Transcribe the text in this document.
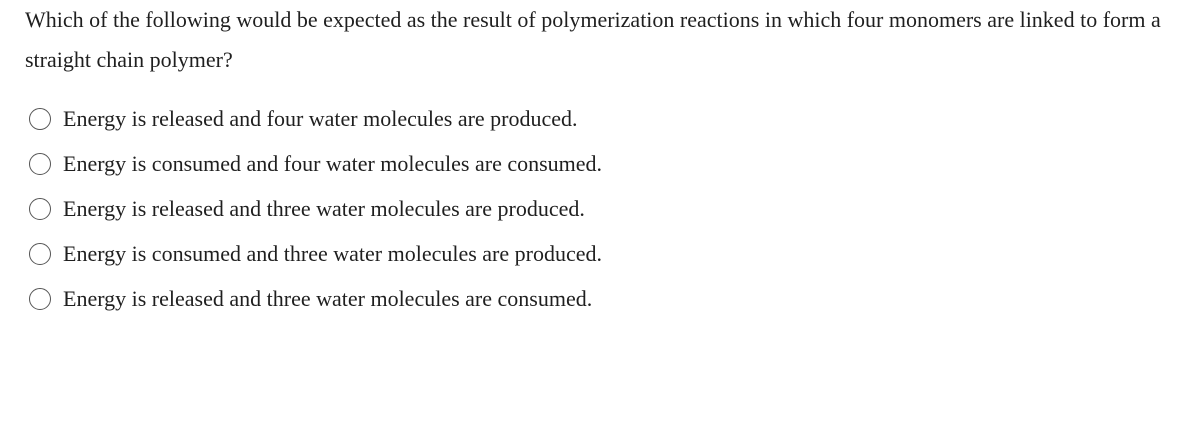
Which of the following would be expected as the result of polymerization reactions in which four monomers are linked to form a straight chain polymer?

Energy is released and four water molecules are produced.
Energy is consumed and four water molecules are consumed.
Energy is released and three water molecules are produced.
Energy is consumed and three water molecules are produced.
Energy is released and three water molecules are consumed.
